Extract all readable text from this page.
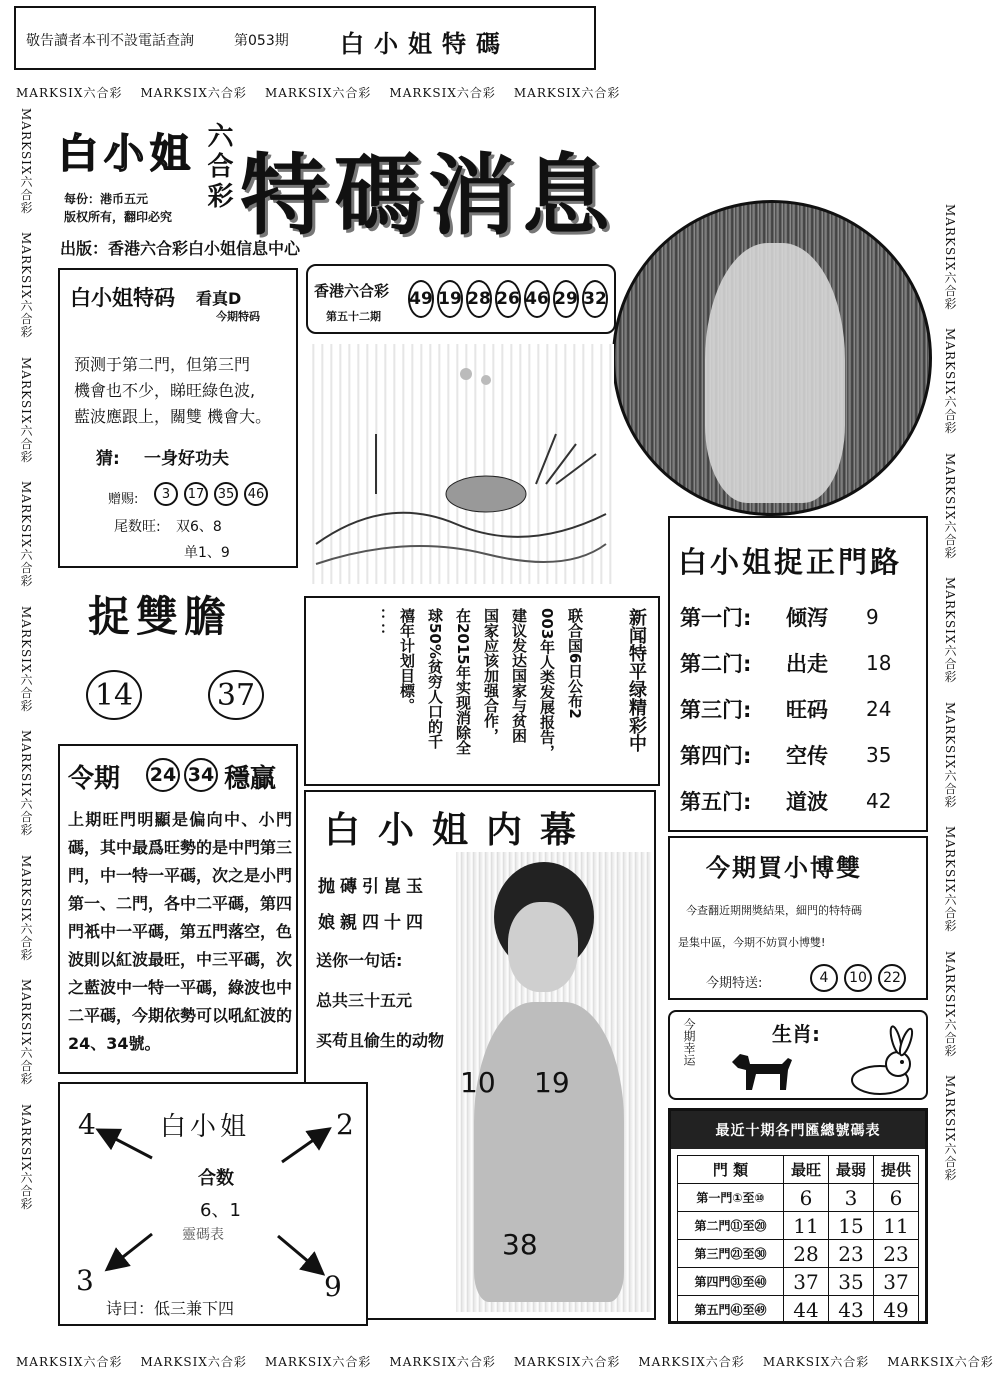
敬告讀者本刊不設電話查詢	第053期 白小姐特碼
MARKSIX六合彩 MARKSIX六合彩 MARKSIX六合彩 MARKSIX六合彩 MARKSIX六合彩
MARKSIX六合彩 MARKSIX六合彩 MARKSIX六合彩 MARKSIX六合彩 MARKSIX六合彩 MARKSIX六合彩 MARKSIX六合彩 MARKSIX六合彩
MARKSIX六合彩
MARKSIX六合彩
MARKSIX六合彩
MARKSIX六合彩
MARKSIX六合彩
MARKSIX六合彩
MARKSIX六合彩
MARKSIX六合彩
MARKSIX六合彩
MARKSIX六合彩
MARKSIX六合彩
MARKSIX六合彩
MARKSIX六合彩
MARKSIX六合彩
MARKSIX六合彩
MARKSIX六合彩
MARKSIX六合彩
白小姐 六合彩 特碼消息
每份：港币五元
版权所有，翻印必究
出版：香港六合彩白小姐信息中心
香港六合彩
第五十二期
49 19 28 26 46 29 32
白小姐特码 看真D
今期特码
预测于第二門，但第三門
機會也不少，睇旺綠色波,
藍波應跟上，關雙 機會大。
猜: 一身好功夫
赠赐:	3	17 35 46
尾数旺: 双6、8
单1、9
捉雙膽
14	37	新闻特平绿精彩中
联合国6日公布2
003年人类发展报告，
建议发达国家与贫困
国家应该加强合作，
在2015年实现消除全
球50%贫穷人口的千
禧年计划目標。
：：
白小姐捉正門路
第一门:	倾泻	9
第二门:	出走	18
第三门:	旺码	24
第四门:	空传	35
第五门:	道波	42
令期 24 34 穩贏
上期旺門明顯是偏向中、小門碼，其中最爲旺勢的是中門第三門，中一特一平碼，次之是小門第一、二門，各中二平碼，第四門衹中一平碼，第五門落空，色波則以紅波最旺，中三平碼，次之藍波中一特一平碼，綠波也中二平碼，今期依勢可以吼紅波的24、34號。
白小姐内幕
抛磚引崑玉
娘親四十四
送你一句话:
总共三十五元
买苟且偷生的动物
10 19
38
今期買小博雙
今查翻近期開獎結果，細門的特特碼
是集中區，今期不妨買小博雙!
今期特送:	4	10	22
今期幸运	生肖:
白小姐
合数
6、1
靈碼表
4	2
3	9
诗曰：低三兼下四
最近十期各門匯總號碼表
門 類	最旺	最弱	提供
第一門①至⑩	6	3	6
第二門⑪至⑳	11	15	11
第三門㉑至㉚	28	23	23
第四門㉛至㊵	37	35	37
第五門㊶至㊾	44	43	49
